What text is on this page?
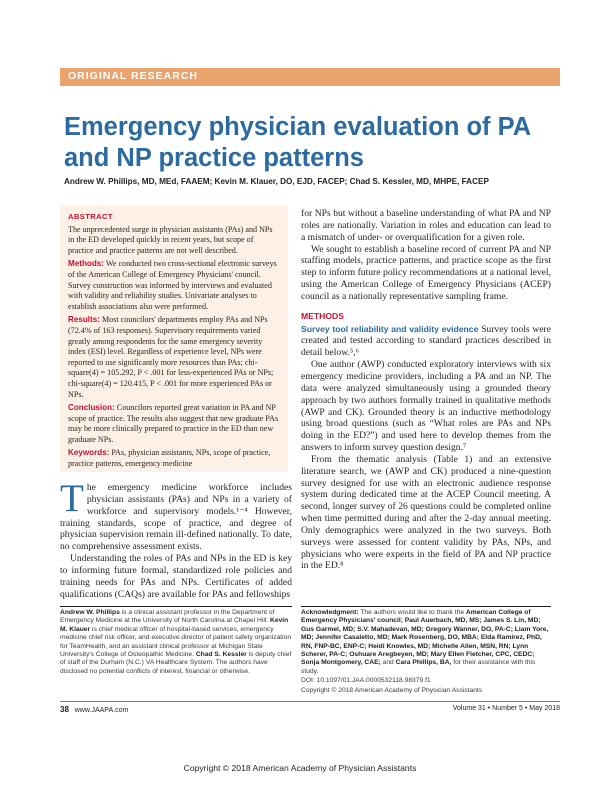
ORIGINAL RESEARCH
Emergency physician evaluation of PA and NP practice patterns
Andrew W. Phillips, MD, MEd, FAAEM; Kevin M. Klauer, DO, EJD, FACEP; Chad S. Kessler, MD, MHPE, FACEP
ABSTRACT

The unprecedented surge in physician assistants (PAs) and NPs in the ED developed quickly in recent years, but scope of practice and practice patterns are not well described.

Methods: We conducted two cross-sectional electronic surveys of the American College of Emergency Physicians' council. Survey construction was informed by interviews and evaluated with validity and reliability studies. Univariate analyses to establish associations also were performed.

Results: Most councilors' departments employ PAs and NPs (72.4% of 163 responses). Supervisory requirements varied greatly among respondents for the same emergency severity index (ESI) level. Regardless of experience level, NPs were reported to use significantly more resources than PAs; chi-square(4) = 105.292, P < .001 for less-experienced PAs or NPs; chi-square(4) = 120.415, P < .001 for more experienced PAs or NPs.

Conclusion: Councilors reported great variation in PA and NP scope of practice. The results also suggest that new graduate PAs may be more clinically prepared to practice in the ED than new graduate NPs.

Keywords: PAs, physician assistants, NPs, scope of practice, practice patterns, emergency medicine

The emergency medicine workforce includes physician assistants (PAs) and NPs in a variety of workforce and supervisory models.¹⁻⁴ However, training standards, scope of practice, and degree of physician supervision remain ill-defined nationally. To date, no comprehensive assessment exists.

Understanding the roles of PAs and NPs in the ED is key to informing future formal, standardized role policies and training needs for PAs and NPs. Certificates of added qualifications (CAQs) are available for PAs and fellowships

for NPs but without a baseline understanding of what PA and NP roles are nationally. Variation in roles and education can lead to a mismatch of under- or overqualification for a given role.

We sought to establish a baseline record of current PA and NP staffing models, practice patterns, and practice scope as the first step to inform future policy recommendations at a national level, using the American College of Emergency Physicians (ACEP) council as a nationally representative sampling frame.

METHODS

Survey tool reliability and validity evidence Survey tools were created and tested according to standard practices described in detail below.⁵,⁶

One author (AWP) conducted exploratory interviews with six emergency medicine providers, including a PA and an NP. The data were analyzed simultaneously using a grounded theory approach by two authors formally trained in qualitative methods (AWP and CK). Grounded theory is an inductive methodology using broad questions (such as “What roles are PAs and NPs doing in the ED?”) and used here to develop themes from the answers to inform survey question design.⁷

From the thematic analysis (Table 1) and an extensive literature search, we (AWP and CK) produced a nine-question survey designed for use with an electronic audience response system during dedicated time at the ACEP Council meeting. A second, longer survey of 26 questions could be completed online when time permitted during and after the 2-day annual meeting. Only demographics were analyzed in the two surveys. Both surveys were assessed for content validity by PAs, NPs, and physicians who were experts in the field of PA and NP practice in the ED.⁸

Andrew W. Phillips is a clinical assistant professor in the Department of Emergency Medicine at the University of North Carolina at Chapel Hill. Kevin M. Klauer is chief medical officer of hospital-based services, emergency medicine chief risk officer, and executive director of patient safety organization for TeamHealth, and an assistant clinical professor at Michigan State University's College of Osteopathic Medicine. Chad S. Kessler is deputy chief of staff of the Durham (N.C.) VA Healthcare System. The authors have disclosed no potential conflicts of interest, financial or otherwise.
Acknowledgment: The authors would like to thank the American College of Emergency Physicians' council; Paul Auerbach, MD, MS; James S. Lin, MD; Gus Garmel, MD; S.V. Mahadevan, MD; Gregory Wanner, DO, PA-C; Liam Yore, MD; Jennifer Casaletto, MD; Mark Rosenberg, DO, MBA; Elda Ramirez, PhD, RN, FNP-BC, ENP-C; Heidi Knowles, MD; Michelle Allen, MSN, RN; Lynn Scherer, PA-C; Oshuare Aregbeyen, MD; Mary Ellen Fletcher, CPC, CEDC; Sonja Montgomery, CAE; and Cara Phillips, BA, for their assistance with this study.
DOI: 10.1097/01.JAA.0000532118.98379.f1
Copyright © 2018 American Academy of Physician Assistants
38 www.JAAPA.com	Volume 31 • Number 5 • May 2018
Copyright © 2018 American Academy of Physician Assistants
